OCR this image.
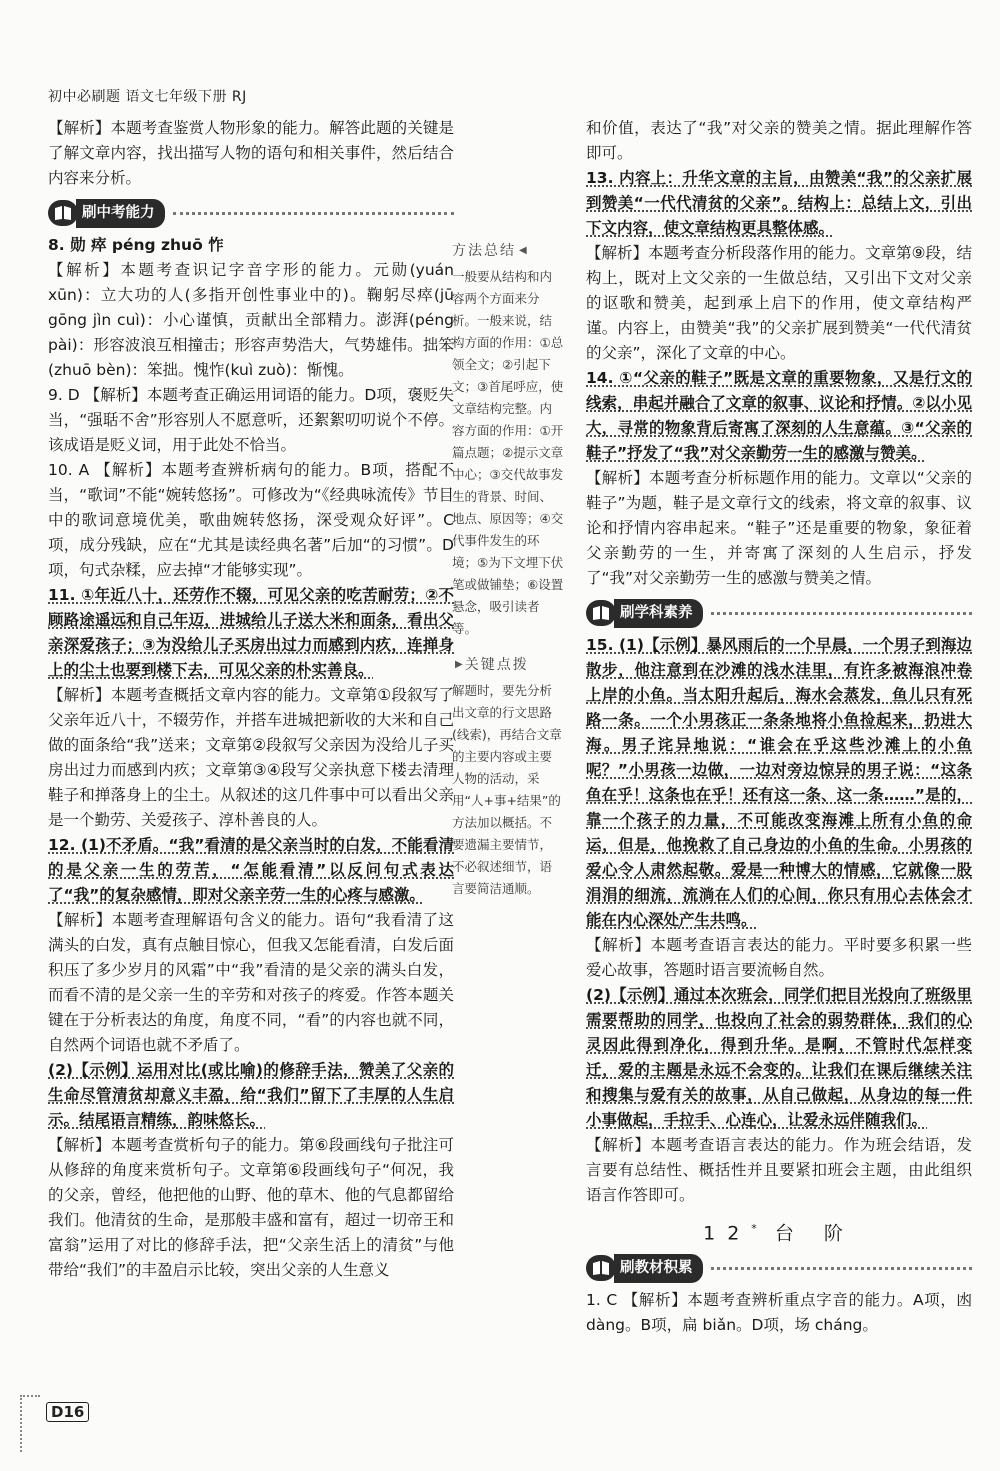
初中必刷题 语文七年级下册 RJ

【解析】本题考查鉴赏人物形象的能力。解答此题的关键是了解文章内容，找出描写人物的语句和相关事件，然后结合内容来分析。

刷中考能力

8. 勋 瘁 péng zhuō 怍

【解析】本题考查识记字音字形的能力。元勋(yuán xūn)：立大功的人(多指开创性事业中的)。鞠躬尽瘁(jū gōng jìn cuì)：小心谨慎，贡献出全部精力。澎湃(péng pài)：形容波浪互相撞击；形容声势浩大，气势雄伟。拙笨(zhuō bèn)：笨拙。愧怍(kuì zuò)：惭愧。

9. D 【解析】本题考查正确运用词语的能力。D项，褒贬失当，“强聒不舍”形容别人不愿意听，还絮絮叨叨说个不停。该成语是贬义词，用于此处不恰当。

10. A 【解析】本题考查辨析病句的能力。B项，搭配不当，“歌词”不能“婉转悠扬”。可修改为“《经典咏流传》节目中的歌词意境优美，歌曲婉转悠扬，深受观众好评”。C项，成分残缺，应在“尤其是读经典名著”后加“的习惯”。D项，句式杂糅，应去掉“才能够实现”。

11. ①年近八十，还劳作不辍，可见父亲的吃苦耐劳；②不顾路途遥远和自己年迈，进城给儿子送大米和面条，看出父亲深爱孩子；③为没给儿子买房出过力而感到内疚，连掸身上的尘土也要到楼下去，可见父亲的朴实善良。

【解析】本题考查概括文章内容的能力。文章第①段叙写了父亲年近八十，不辍劳作，并搭车进城把新收的大米和自己做的面条给“我”送来；文章第②段叙写父亲因为没给儿子买房出过力而感到内疚；文章第③④段写父亲执意下楼去清理鞋子和掸落身上的尘土。从叙述的这几件事中可以看出父亲是一个勤劳、关爱孩子、淳朴善良的人。

12. (1)不矛盾。“我”看清的是父亲当时的白发，不能看清的是父亲一生的劳苦，“怎能看清”以反问句式表达了“我”的复杂感情，即对父亲辛劳一生的心疼与感激。

【解析】本题考查理解语句含义的能力。语句“我看清了这满头的白发，真有点触目惊心，但我又怎能看清，白发后面积压了多少岁月的风霜”中“我”看清的是父亲的满头白发，而看不清的是父亲一生的辛劳和对孩子的疼爱。作答本题关键在于分析表达的角度，角度不同，“看”的内容也就不同，自然两个词语也就不矛盾了。

(2)【示例】运用对比(或比喻)的修辞手法，赞美了父亲的生命尽管清贫却意义丰盈，给“我们”留下了丰厚的人生启示。结尾语言精练，韵味悠长。

【解析】本题考查赏析句子的能力。第⑥段画线句子批注可从修辞的角度来赏析句子。文章第⑥段画线句子“何况，我的父亲，曾经，他把他的山野、他的草木、他的气息都留给我们。他清贫的生命，是那般丰盛和富有，超过一切帝王和富翁”运用了对比的修辞手法，把“父亲生活上的清贫”与他带给“我们”的丰盈启示比较，突出父亲的人生意义

方法总结 ◀

一般要从结构和内容两个方面来分析。一般来说，结构方面的作用：①总领全文；②引起下文；③首尾呼应，使文章结构完整。内容方面的作用：①开篇点题；②提示文章中心；③交代故事发生的背景、时间、地点、原因等；④交代事件发生的环境；⑤为下文埋下伏笔或做铺垫；⑥设置悬念，吸引读者等。

▶ 关键点拨

解题时，要先分析出文章的行文思路(线索)，再结合文章的主要内容或主要人物的活动，采用“人+事+结果”的方法加以概括。不要遗漏主要情节，不必叙述细节，语言要简洁通顺。

和价值，表达了“我”对父亲的赞美之情。据此理解作答即可。

13. 内容上：升华文章的主旨，由赞美“我”的父亲扩展到赞美“一代代清贫的父亲”。结构上：总结上文，引出下文内容，使文章结构更具整体感。

【解析】本题考查分析段落作用的能力。文章第⑨段，结构上，既对上文父亲的一生做总结，又引出下文对父亲的讴歌和赞美，起到承上启下的作用，使文章结构严谨。内容上，由赞美“我”的父亲扩展到赞美“一代代清贫的父亲”，深化了文章的中心。

14. ①“父亲的鞋子”既是文章的重要物象，又是行文的线索，串起并融合了文章的叙事、议论和抒情。②以小见大，寻常的物象背后寄寓了深刻的人生意蕴。③“父亲的鞋子”抒发了“我”对父亲勤劳一生的感激与赞美。

【解析】本题考查分析标题作用的能力。文章以“父亲的鞋子”为题，鞋子是文章行文的线索，将文章的叙事、议论和抒情内容串起来。“鞋子”还是重要的物象，象征着父亲勤劳的一生，并寄寓了深刻的人生启示，抒发了“我”对父亲勤劳一生的感激与赞美之情。

刷学科素养

15. (1)【示例】暴风雨后的一个早晨，一个男子到海边散步，他注意到在沙滩的浅水洼里，有许多被海浪冲卷上岸的小鱼。当太阳升起后，海水会蒸发，鱼儿只有死路一条。一个小男孩正一条条地将小鱼捡起来，扔进大海。男子诧异地说：“谁会在乎这些沙滩上的小鱼呢？”小男孩一边做，一边对旁边惊异的男子说：“这条鱼在乎！这条也在乎！还有这一条、这一条……”是的，靠一个孩子的力量，不可能改变海滩上所有小鱼的命运，但是，他挽救了自己身边的小鱼的生命。小男孩的爱心令人肃然起敬。爱是一种博大的情感，它就像一股涓涓的细流，流淌在人们的心间，你只有用心去体会才能在内心深处产生共鸣。

【解析】本题考查语言表达的能力。平时要多积累一些爱心故事，答题时语言要流畅自然。

(2)【示例】通过本次班会，同学们把目光投向了班级里需要帮助的同学，也投向了社会的弱势群体，我们的心灵因此得到净化，得到升华。是啊，不管时代怎样变迁，爱的主题是永远不会变的。让我们在课后继续关注和搜集与爱有关的故事，从自己做起，从身边的每一件小事做起，手拉手、心连心，让爱永远伴随我们。

【解析】本题考查语言表达的能力。作为班会结语，发言要有总结性、概括性并且要紧扣班会主题，由此组织语言作答即可。

12* 台 阶
刷教材积累

1. C 【解析】本题考查辨析重点字音的能力。A项，凼 dàng。B项，扁 biǎn。D项，场 cháng。

D16
